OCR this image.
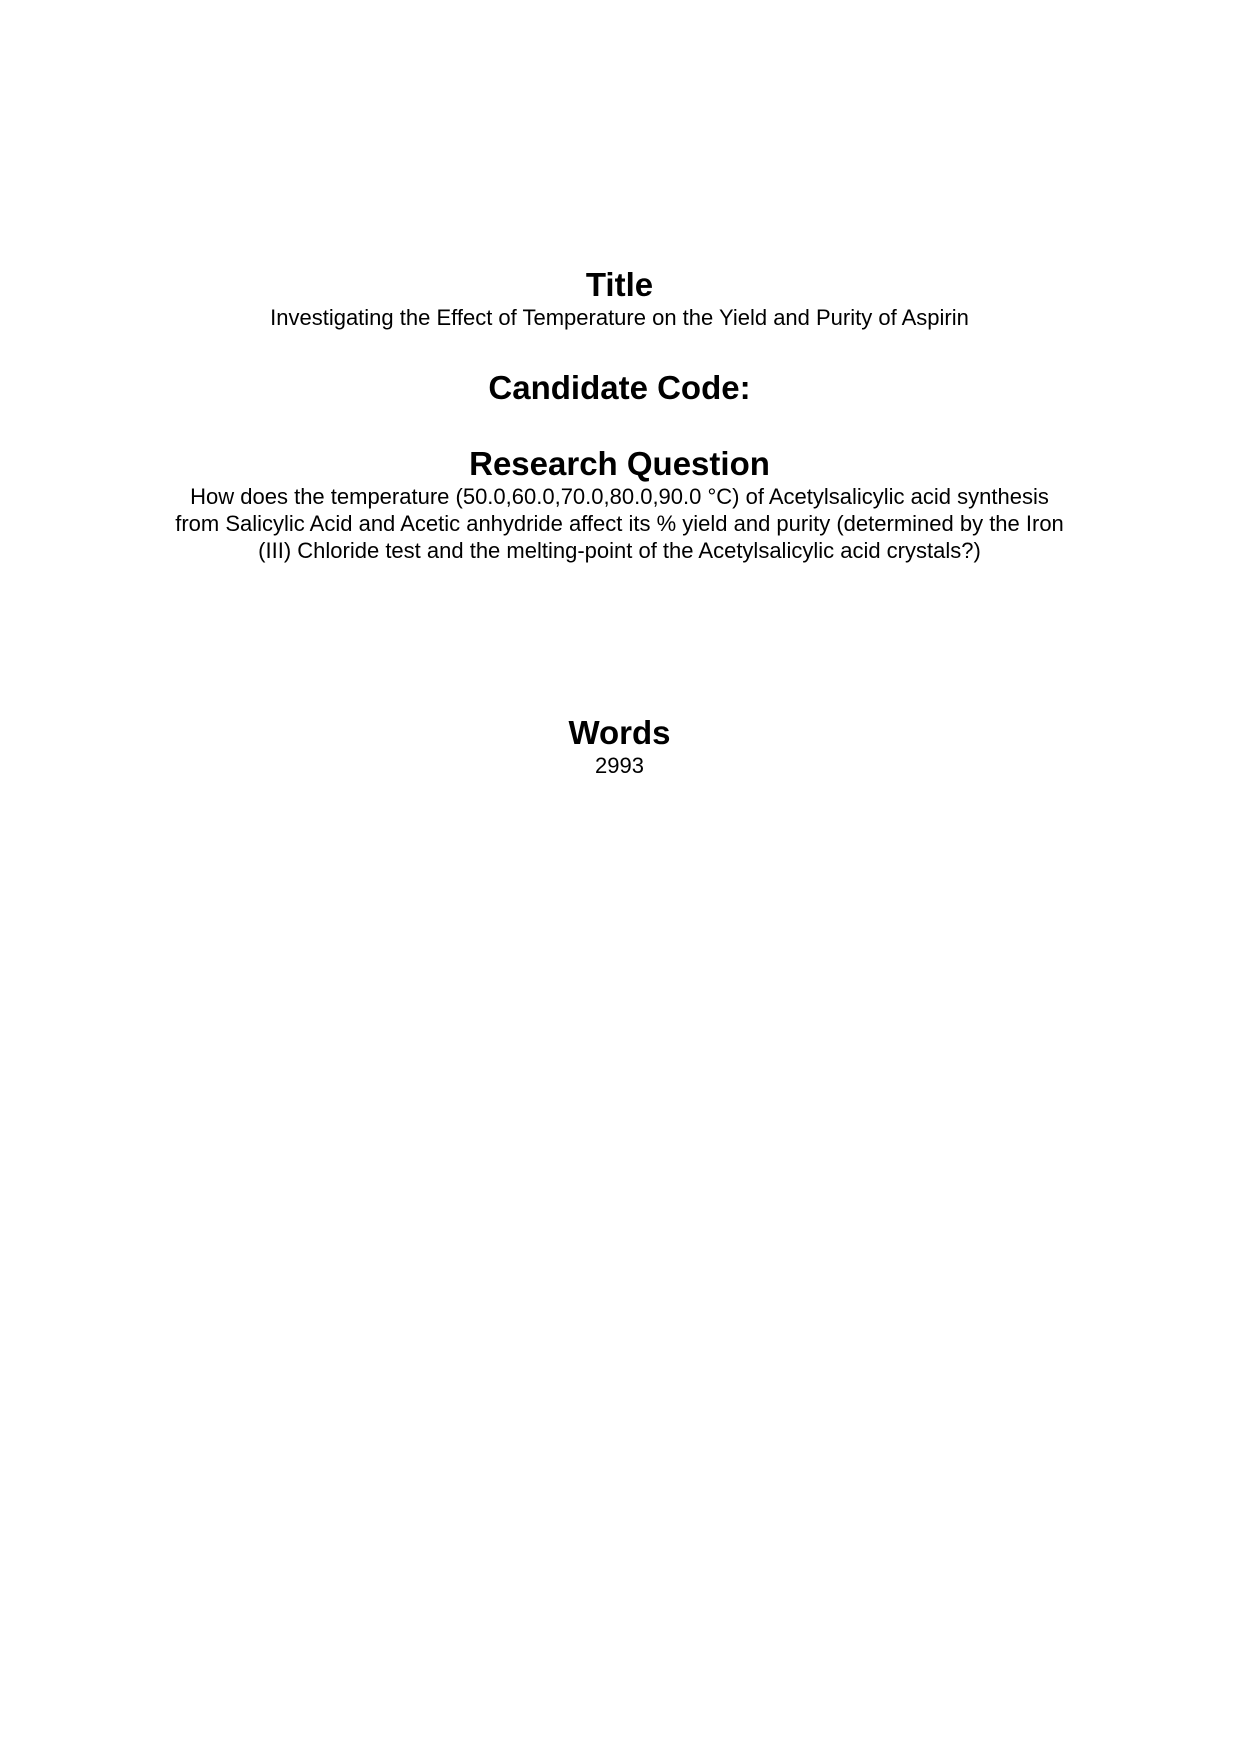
Title

Investigating the Effect of Temperature on the Yield and Purity of Aspirin

Candidate Code:
Research Question

How does the temperature (50.0,60.0,70.0,80.0,90.0 °C) of Acetylsalicylic acid synthesis

from Salicylic Acid and Acetic anhydride affect its % yield and purity (determined by the Iron

(III) Chloride test and the melting-point of the Acetylsalicylic acid crystals?)

Words

2993
